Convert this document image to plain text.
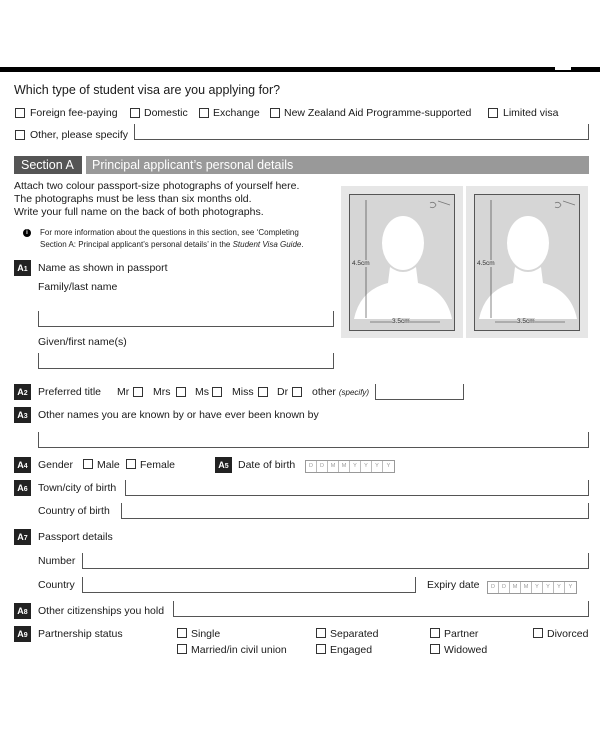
Which type of student visa are you applying for?
Foreign fee-paying	Domestic Exchange New Zealand Aid Programme-supported	Limited visa
Other, please specify
Section A	Principal applicant’s personal details
Attach two colour passport-size photographs of yourself here.
The photographs must be less than six months old.
Write your full name on the back of both photographs.
i	For more information about the questions in this section, see ‘Completing
Section A: Principal applicant’s personal details’ in the Student Visa Guide.
4.5cm
3.5cm
4.5cm
3.5cm
A1 Name as shown in passport
Family/last name
Given/first name(s)
A2 Preferred title Mr Mrs Ms Miss Dr other (specify)
A3 Other names you are known by or have ever been known by
A4 Gender Male Female	A5 Date of birth	D	D	M	M	Y	Y	Y	Y
A6 Town/city of birth
Country of birth
A7 Passport details
Number
Country	Expiry date	D	D	M	M	Y	Y	Y	Y
A8 Other citizenships you hold
A9 Partnership status	Single	Separated	Partner	Divorced
Married/in civil union	Engaged	Widowed
